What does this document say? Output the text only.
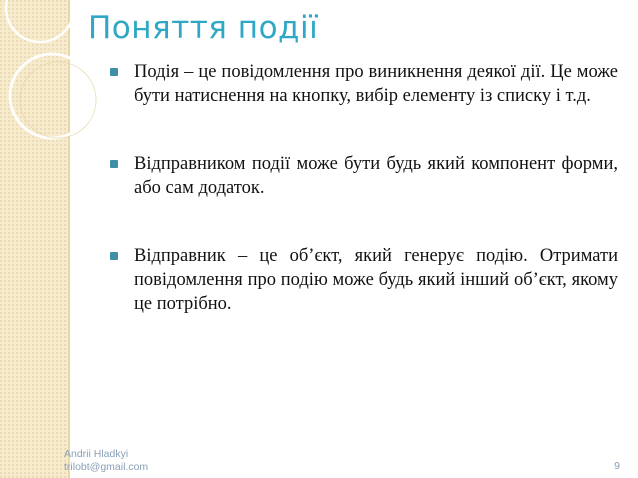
Поняття події
Подія – це повідомлення про виникнення деякої дії. Це може бути натиснення на кнопку, вибір елементу із списку і т.д.
Відправником події може бути будь який компонент форми, або сам додаток.
Відправник – це об’єкт, який генерує подію. Отримати повідомлення про подію може будь який інший об’єкт, якому це потрібно.
Andrii Hladkyi
trilobt@gmail.com	9
